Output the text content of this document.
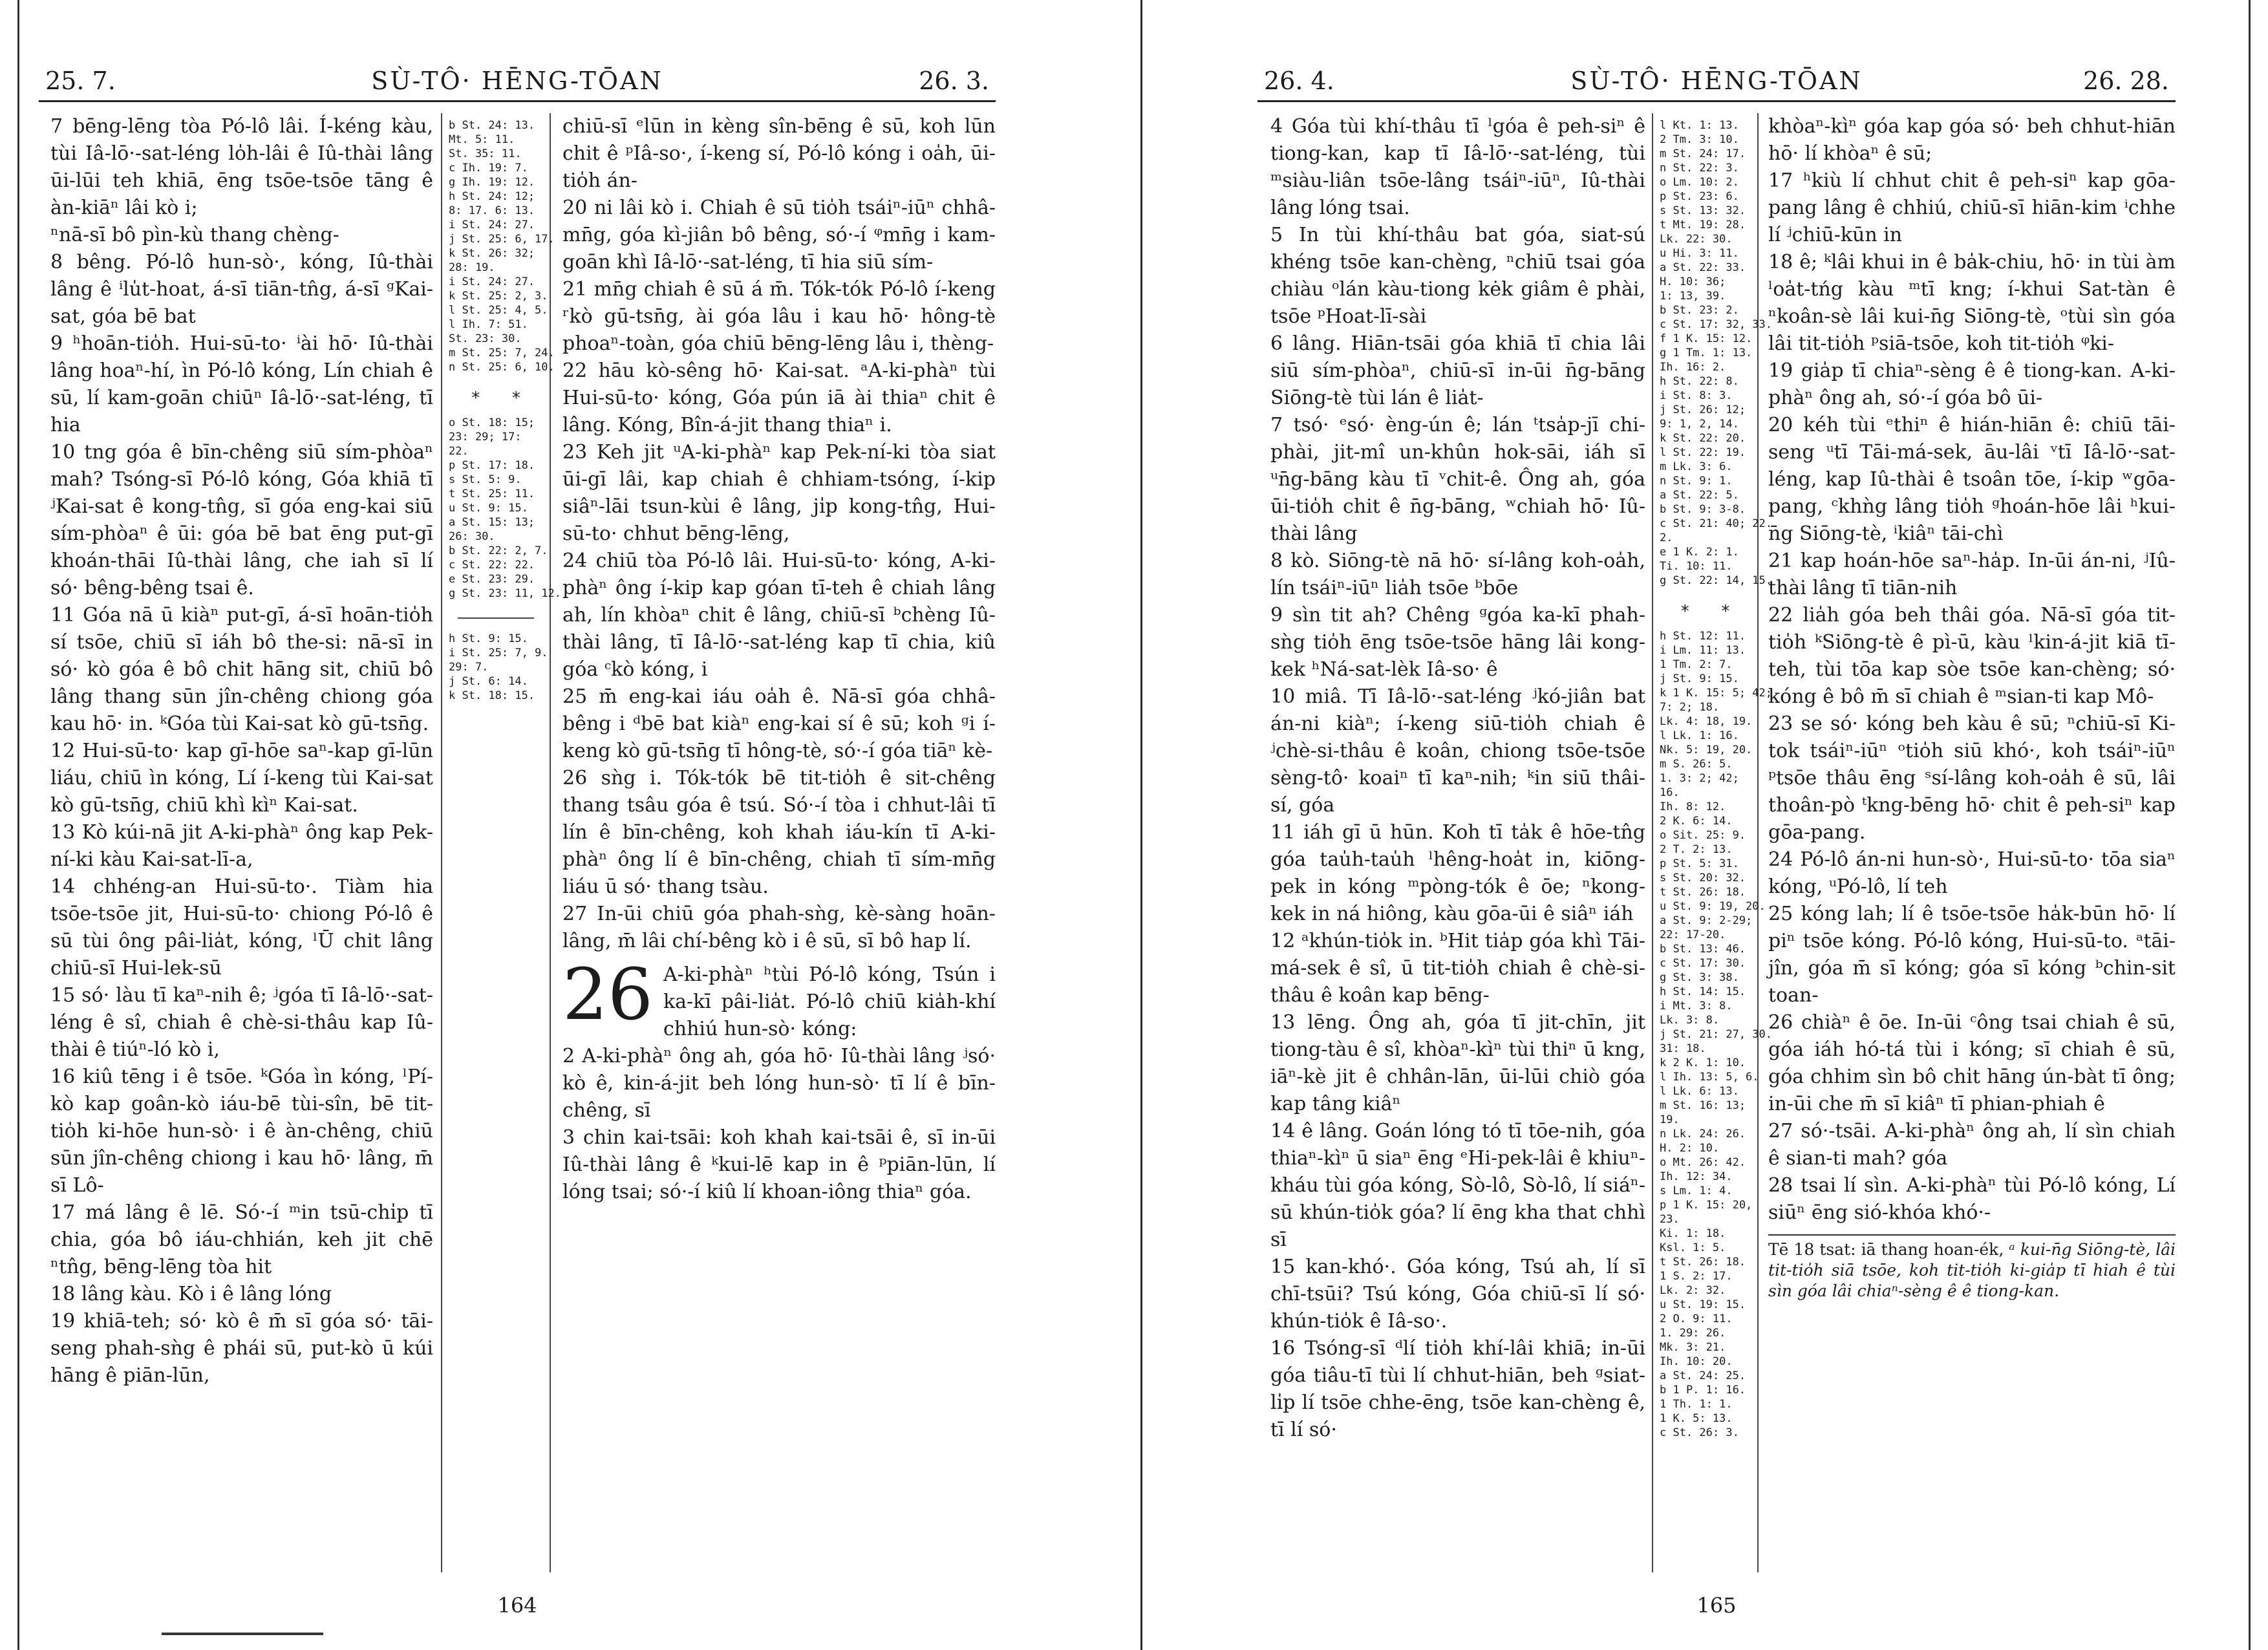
25. 7.	SÙ-TÔ· HĒNG-TŌAN	26. 3.

7 bēng-lēng tòa Pó-lô lâi. Í-kéng kàu, tùi Iâ-lō·-sat-léng lo̍h-lâi ê Iû-thài lâng ūi-lūi teh khiā, ēng tsōe-tsōe tāng ê àn-kiāⁿ lâi kò i;

ⁿnā-sī bô pìn-kù thang chèng-

8 bêng. Pó-lô hun-sò·, kóng, Iû-thài lâng ê ⁱlu̍t-hoat, á-sī tiān-tn̂g, á-sī ᵍKai-sat, góa bē bat

9 ʰhoān-tio̍h. Hui-sū-to· ⁱài hō· Iû-thài lâng hoaⁿ-hí, ìn Pó-lô kóng, Lín chiah ê sū, lí kam-goān chiūⁿ Iâ-lō·-sat-léng, tī hia

10 tng góa ê bīn-chêng siū sím-phòaⁿ mah? Tsóng-sī Pó-lô kóng, Góa khiā tī ʲKai-sat ê kong-tn̂g, sī góa eng-kai siū sím-phòaⁿ ê ūi: góa bē bat ēng put-gī khoán-thāi Iû-thài lâng, che iah sī lí só· bêng-bêng tsai ê.

11 Góa nā ū kiàⁿ put-gī, á-sī hoān-tio̍h sí tsōe, chiū sī iáh bô the-si: nā-sī in só· kò góa ê bô chit hāng sit, chiū bô lâng thang sūn jîn-chêng chiong góa kau hō· in. ᵏGóa tùi Kai-sat kò gū-tsn̄g.

12 Hui-sū-to· kap gī-hōe saⁿ-kap gī-lūn liáu, chiū ìn kóng, Lí í-keng tùi Kai-sat kò gū-tsn̄g, chiū khì kìⁿ Kai-sat.

13 Kò kúi-nā jit A-ki-phàⁿ ông kap Pek-ní-ki kàu Kai-sat-lī-a,

14 chhéng-an Hui-sū-to·. Tiàm hia tsōe-tsōe jit, Hui-sū-to· chiong Pó-lô ê sū tùi ông pâi-lia̍t, kóng, ˡŪ chit lâng chiū-sī Hui-lek-sū

15 só· làu tī kaⁿ-nih ê; ʲgóa tī Iâ-lō·-sat-léng ê sî, chiah ê chè-si-thâu kap Iû-thài ê tiúⁿ-ló kò i,

16 kiû tēng i ê tsōe. ᵏGóa ìn kóng, ˡPí-kò kap goân-kò iáu-bē tùi-sîn, bē tit-tio̍h ki-hōe hun-sò· i ê àn-chêng, chiū sūn jîn-chêng chiong i kau hō· lâng, m̄ sī Lô-

17 má lâng ê lē. Só·-í ᵐin tsū-chi̍p tī chia, góa bô iáu-chhián, keh jit chē ⁿtn̂g, bēng-lēng tòa hit

18 lâng kàu. Kò i ê lâng lóng

19 khiā-teh; só· kò ê m̄ sī góa só· tāi-seng phah-sǹg ê phái sū, put-kò ū kúi hāng ê piān-lūn,

b St. 24: 13.
Mt. 5: 11.
St. 35: 11.
c Ih. 19: 7.
g Ih. 19: 12.
h St. 24: 12;
8: 17. 6: 13.
i St. 24: 27.
j St. 25: 6, 17.
k St. 26: 32;
28: 19.
i St. 24: 27.
k St. 25: 2, 3.
l St. 25: 4, 5.
l Ih. 7: 51.
St. 23: 30.
m St. 25: 7, 24.
n St. 25: 6, 10.
*   *
o St. 18: 15;
23: 29; 17:
22.
p St. 17: 18.
s St. 5: 9.
t St. 25: 11.
u St. 9: 15.
a St. 15: 13;
26: 30.
b St. 22: 2, 7.
c St. 22: 22.
e St. 23: 29.
g St. 23: 11, 12.
h St. 9: 15.
i St. 25: 7, 9.
29: 7.
j St. 6: 14.
k St. 18: 15.

chiū-sī ᵉlūn in kèng sîn-bēng ê sū, koh lūn chit ê ᵖIâ-so·, í-keng sí, Pó-lô kóng i oa̍h, ūi-tio̍h án-

20 ni lâi kò i. Chiah ê sū tio̍h tsáiⁿ-iūⁿ chhâ-mn̄g, góa kì-jiân bô bêng, só·-í ᵠmn̄g i kam-goān khì Iâ-lō·-sat-léng, tī hia siū sím-

21 mn̄g chiah ê sū á m̄. Tók-tók Pó-lô í-keng ʳkò gū-tsn̄g, ài góa lâu i kau hō· hông-tè phoaⁿ-toàn, góa chiū bēng-lēng lâu i, thèng-

22 hāu kò-sêng hō· Kai-sat. ᵃA-ki-phàⁿ tùi Hui-sū-to· kóng, Góa pún iā ài thiaⁿ chit ê lâng. Kóng, Bîn-á-jit thang thiaⁿ i.

23 Keh jit ᵘA-ki-phàⁿ kap Pek-ní-ki tòa siat ūi-gī lâi, kap chiah ê chhiam-tsóng, í-kip siâⁿ-lāi tsun-kùi ê lâng, ji̍p kong-tn̂g, Hui-sū-to· chhut bēng-lēng,

24 chiū tòa Pó-lô lâi. Hui-sū-to· kóng, A-ki-phàⁿ ông í-kip kap góan tī-teh ê chiah lâng ah, lín khòaⁿ chit ê lâng, chiū-sī ᵇchèng Iû-thài lâng, tī Iâ-lō·-sat-léng kap tī chia, kiû góa ᶜkò kóng, i

25 m̄ eng-kai iáu oa̍h ê. Nā-sī góa chhâ-bêng i ᵈbē bat kiàⁿ eng-kai sí ê sū; koh ᵍi í-keng kò gū-tsn̄g tī hông-tè, só·-í góa tiāⁿ kè-

26 sǹg i. Tók-tók bē tit-tio̍h ê sit-chêng thang tsâu góa ê tsú. Só·-í tòa i chhut-lâi tī lín ê bīn-chêng, koh khah iáu-kín tī A-ki-phàⁿ ông lí ê bīn-chêng, chiah tī sím-mn̄g liáu ū só· thang tsàu.

27 In-ūi chiū góa phah-sǹg, kè-sàng hoān-lâng, m̄ lâi chí-bêng kò i ê sū, sī bô hap lí.

26 A-ki-phàⁿ ʰtùi Pó-lô kóng, Tsún i ka-kī pâi-lia̍t. Pó-lô chiū kia̍h-khí chhiú hun-sò· kóng:

2 A-ki-phàⁿ ông ah, góa hō· Iû-thài lâng ʲsó· kò ê, kin-á-jit beh lóng hun-sò· tī lí ê bīn-chêng, sī

3 chin kai-tsāi: koh khah kai-tsāi ê, sī in-ūi Iû-thài lâng ê ᵏkui-lē kap in ê ᵖpiān-lūn, lí lóng tsai; só·-í kiû lí khoan-iông thiaⁿ góa.

164
26. 4.	SÙ-TÔ· HĒNG-TŌAN	26. 28.

4 Góa tùi khí-thâu tī ˡgóa ê peh-siⁿ ê tiong-kan, kap tī Iâ-lō·-sat-léng, tùi ᵐsiàu-liân tsōe-lâng tsáiⁿ-iūⁿ, Iû-thài lâng lóng tsai.

5 In tùi khí-thâu bat góa, siat-sú khéng tsōe kan-chèng, ⁿchiū tsai góa chiàu ᵒlán kàu-tiong kėk giâm ê phài, tsōe ᵖHoat-lī-sài

6 lâng. Hiān-tsāi góa khiā tī chia lâi siū sím-phòaⁿ, chiū-sī in-ūi n̄g-bāng Siōng-tè tùi lán ê lia̍t-

7 tsó· ᵉsó· èng-ún ê; lán ᵗtsa̍p-jī chi-phài, jit-mî un-khûn hok-sāi, iáh sī ᵘn̄g-bāng kàu tī ᵛchit-ê. Ông ah, góa ūi-tio̍h chit ê n̄g-bāng, ʷchiah hō· Iû-thài lâng

8 kò. Siōng-tè nā hō· sí-lâng koh-oa̍h, lín tsáiⁿ-iūⁿ lia̍h tsōe ᵇbōe

9 sìn tit ah? Chêng ᵍgóa ka-kī phah-sǹg tio̍h ēng tsōe-tsōe hāng lâi kong-kek ʰNá-sat-lèk Iâ-so· ê

10 miâ. Tī Iâ-lō·-sat-léng ʲkó-jiân bat án-ni kiàⁿ; í-keng siū-tio̍h chiah ê ʲchè-si-thâu ê koân, chiong tsōe-tsōe sèng-tô· koaiⁿ tī kaⁿ-nih; ᵏin siū thâi-sí, góa

11 iáh gī ū hūn. Koh tī ta̍k ê hōe-tn̂g góa tau̍h-tau̍h ˡhêng-hoa̍t in, kiōng-pek in kóng ᵐpòng-tók ê ōe; ⁿkong-kek in ná hiông, kàu gōa-ūi ê siâⁿ iáh

12 ᵃkhún-tio̍k in. ᵇHit tia̍p góa khì Tāi-má-sek ê sî, ū tit-tio̍h chiah ê chè-si-thâu ê koân kap bēng-

13 lēng. Ông ah, góa tī jit-chīn, jit tiong-tàu ê sî, khòaⁿ-kìⁿ tùi thiⁿ ū kng, iāⁿ-kè jit ê chhân-lān, ūi-lūi chiò góa kap tâng kiâⁿ

14 ê lâng. Goán lóng tó tī tōe-nih, góa thiaⁿ-kìⁿ ū siaⁿ ēng ᵉHi-pek-lâi ê khiuⁿ-kháu tùi góa kóng, Sò-lô, Sò-lô, lí siáⁿ-sū khún-tio̍k góa? lí ēng kha that chhì sī

15 kan-khó·. Góa kóng, Tsú ah, lí sī chī-tsūi? Tsú kóng, Góa chiū-sī lí só· khún-tio̍k ê Iâ-so·.

16 Tsóng-sī ᵈlí tio̍h khí-lâi khiā; in-ūi góa tiâu-tī tùi lí chhut-hiān, beh ᵍsiat-li̍p lí tsōe chhe-ēng, tsōe kan-chèng ê, tī lí só·

l Kt. 1: 13.
2 Tm. 3: 10.
m St. 24: 17.
n St. 22: 3.
o Lm. 10: 2.
p St. 23: 6.
s St. 13: 32.
t Mt. 19: 28.
Lk. 22: 30.
u Hi. 3: 11.
a St. 22: 33.
H. 10: 36;
1: 13, 39.
b St. 23: 2.
c St. 17: 32, 33.
f 1 K. 15: 12.
g 1 Tm. 1: 13.
Ih. 16: 2.
h St. 22: 8.
i St. 8: 3.
j St. 26: 12;
9: 1, 2, 14.
k St. 22: 20.
l St. 22: 19.
m Lk. 3: 6.
n St. 9: 1.
a St. 22: 5.
b St. 9: 3-8.
c St. 21: 40; 22.
2.
e 1 K. 2: 1.
Ti. 10: 11.
g St. 22: 14, 15.
*   *
h St. 12: 11.
i Lm. 11: 13.
1 Tm. 2: 7.
j St. 9: 15.
k 1 K. 15: 5; 42;
7: 2; 18.
Lk. 4: 18, 19.
l Lk. 1: 16.
Nk. 5: 19, 20.
m S. 26: 5.
1. 3: 2; 42;
16.
Ih. 8: 12.
2 K. 6: 14.
o Sit. 25: 9.
2 T. 2: 13.
p St. 5: 31.
s St. 20: 32.
t St. 26: 18.
u St. 9: 19, 20.
a St. 9: 2-29;
22: 17-20.
b St. 13: 46.
c St. 17: 30.
g St. 3: 38.
h St. 14: 15.
i Mt. 3: 8.
Lk. 3: 8.
j St. 21: 27, 30.
31: 18.
k 2 K. 1: 10.
l Ih. 13: 5, 6.
l Lk. 6: 13.
m St. 16: 13;
19.
n Lk. 24: 26.
H. 2: 10.
o Mt. 26: 42.
Ih. 12: 34.
s Lm. 1: 4.
p 1 K. 15: 20,
23.
Ki. 1: 18.
Ksl. 1: 5.
t St. 26: 18.
1 S. 2: 17.
Lk. 2: 32.
u St. 19: 15.
2 O. 9: 11.
1. 29: 26.
Mk. 3: 21.
Ih. 10: 20.
a St. 24: 25.
b 1 P. 1: 16.
1 Th. 1: 1.
1 K. 5: 13.
c St. 26: 3.

khòaⁿ-kìⁿ góa kap góa só· beh chhut-hiān hō· lí khòaⁿ ê sū;

17 ʰkiù lí chhut chit ê peh-siⁿ kap gōa-pang lâng ê chhiú, chiū-sī hiān-kim ⁱchhe lí ʲchiū-kūn in

18 ê; ᵏlâi khui in ê ba̍k-chiu, hō· in tùi àm ˡoa̍t-tńg kàu ᵐtī kng; í-khui Sat-tàn ê ⁿkoân-sè lâi kui-n̄g Siōng-tè, ᵒtùi sìn góa lâi tit-tio̍h ᵖsiā-tsōe, koh tit-tio̍h ᵠki-

19 gia̍p tī chiaⁿ-sèng ê ê tiong-kan. A-ki-phàⁿ ông ah, só·-í góa bô ūi-

20 kéh tùi ᵉthiⁿ ê hián-hiān ê: chiū tāi-seng ᵘtī Tāi-má-sek, āu-lâi ᵛtī Iâ-lō·-sat-léng, kap Iû-thài ê tsoân tōe, í-kip ʷgōa-pang, ᶜkhǹg lâng tio̍h ᵍhoán-hōe lâi ʰkui-n̄g Siōng-tè, ⁱkiâⁿ tāi-chì

21 kap hoán-hōe saⁿ-ha̍p. In-ūi án-ni, ʲIû-thài lâng tī tiān-nih

22 lia̍h góa beh thâi góa. Nā-sī góa tit-tio̍h ᵏSiōng-tè ê pì-ū, kàu ˡkin-á-jit kiā tī-teh, tùi tōa kap sòe tsōe kan-chèng; só· kóng ê bô m̄ sī chiah ê ᵐsian-ti kap Mô-

23 se só· kóng beh kàu ê sū; ⁿchiū-sī Ki-tok tsáiⁿ-iūⁿ ᵒtio̍h siū khó·, koh tsáiⁿ-iūⁿ ᵖtsōe thâu ēng ˢsí-lâng koh-oa̍h ê sū, lâi thoân-pò ᵗkng-bēng hō· chit ê peh-siⁿ kap gōa-pang.

24 Pó-lô án-ni hun-sò·, Hui-sū-to· tōa siaⁿ kóng, ᵘPó-lô, lí teh

25 kóng lah; lí ê tsōe-tsōe ha̍k-būn hō· lí piⁿ tsōe kóng. Pó-lô kóng, Hui-sū-to. ᵃtāi-jîn, góa m̄ sī kóng; góa sī kóng ᵇchin-sit toan-

26 chiàⁿ ê ōe. In-ūi ᶜông tsai chiah ê sū, góa iáh hó-tá tùi i kóng; sī chiah ê sū, góa chhim sìn bô chi̍t hāng ún-bàt tī ông; in-ūi che m̄ sī kiâⁿ tī phian-phiah ê

27 só·-tsāi. A-ki-phàⁿ ông ah, lí sìn chiah ê sian-ti mah? góa

28 tsai lí sìn. A-ki-phàⁿ tùi Pó-lô kóng, Lí siūⁿ ēng sió-khóa khó·-

Tē 18 tsat: iā thang hoan-ék, ᵃ kui-n̄g Siōng-tè, lâi tit-tio̍h siā tsōe, koh tit-tio̍h ki-gia̍p tī hiah ê tùi sìn góa lâi chiaⁿ-sèng ê ê tiong-kan.
165
